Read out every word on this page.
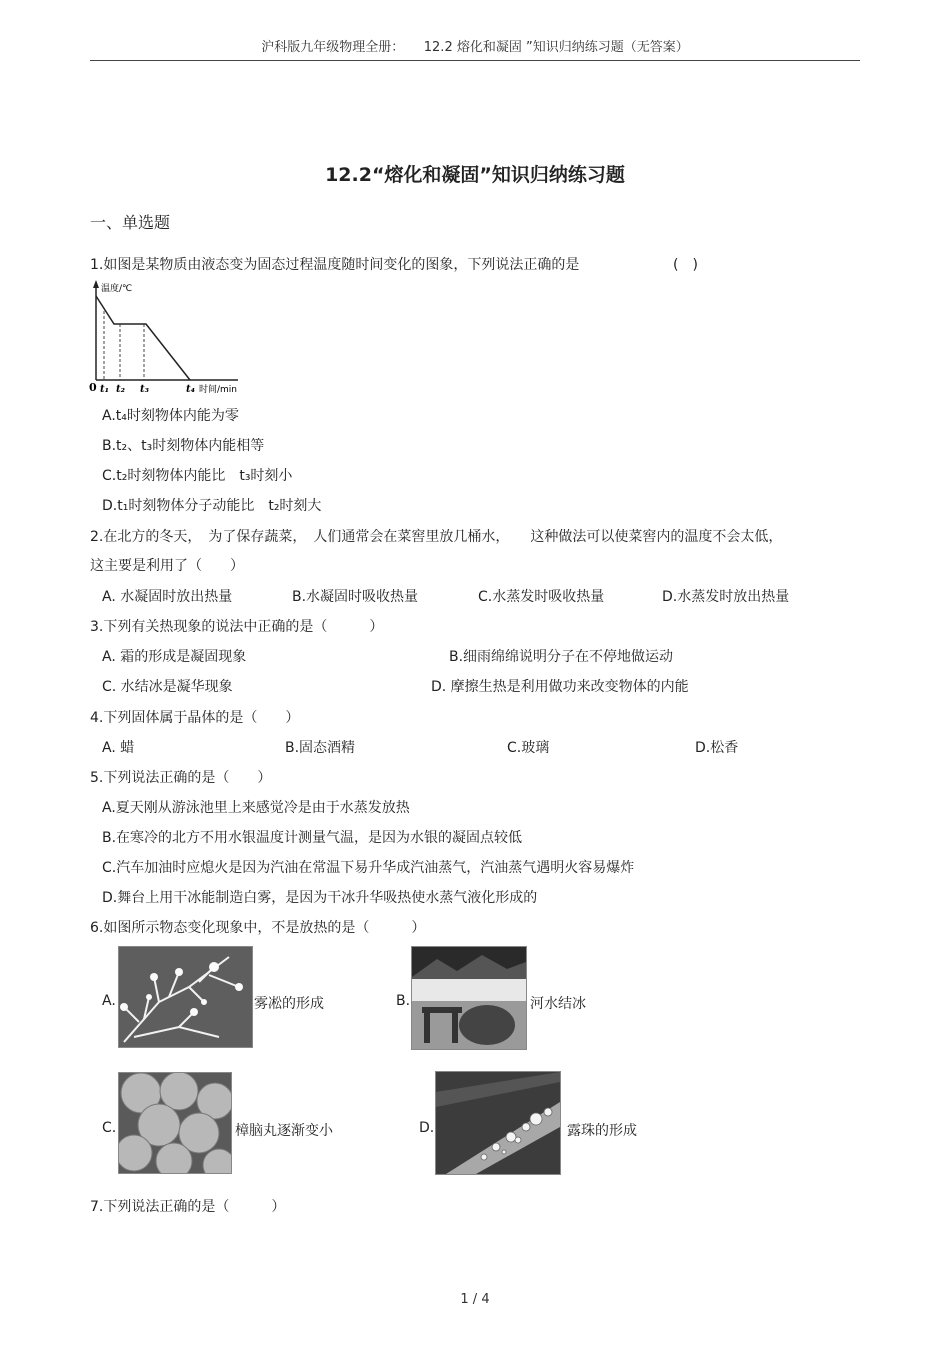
沪科版九年级物理全册：　　12.2 熔化和凝固 ”知识归纳练习题（无答案）
12.2“熔化和凝固”知识归纳练习题
一、单选题
1.如图是某物质由液态变为固态过程温度随时间变化的图象，下列说法正确的是	(　)
温度/℃
0 t₁ t₂ t₃	t₄ 时间/min
A.t₄时刻物体内能为零
B.t₂、t₃时刻物体内能相等
C.t₂时刻物体内能比　t₃时刻小
D.t₁时刻物体分子动能比　t₂时刻大
2.在北方的冬天，　为了保存蔬菜，　人们通常会在菜窖里放几桶水，　　这种做法可以使菜窖内的温度不会太低，
这主要是利用了（　　）
A. 水凝固时放出热量	B.水凝固时吸收热量	C.水蒸发时吸收热量	D.水蒸发时放出热量
3.下列有关热现象的说法中正确的是（　　　）
A. 霜的形成是凝固现象	B.细雨绵绵说明分子在不停地做运动
C. 水结冰是凝华现象	D. 摩擦生热是利用做功来改变物体的内能
4.下列固体属于晶体的是（　　）
A. 蜡	B.固态酒精	C.玻璃	D.松香
5.下列说法正确的是（　　）
A.夏天刚从游泳池里上来感觉冷是由于水蒸发放热
B.在寒冷的北方不用水银温度计测量气温，是因为水银的凝固点较低
C.汽车加油时应熄火是因为汽油在常温下易升华成汽油蒸气，汽油蒸气遇明火容易爆炸
D.舞台上用干冰能制造白雾，是因为干冰升华吸热使水蒸气液化形成的
6.如图所示物态变化现象中，不是放热的是（　　　）
A.	雾凇的形成	B.	河水结冰
C.	樟脑丸逐渐变小	D.	露珠的形成
7.下列说法正确的是（　　　）
1 / 4
